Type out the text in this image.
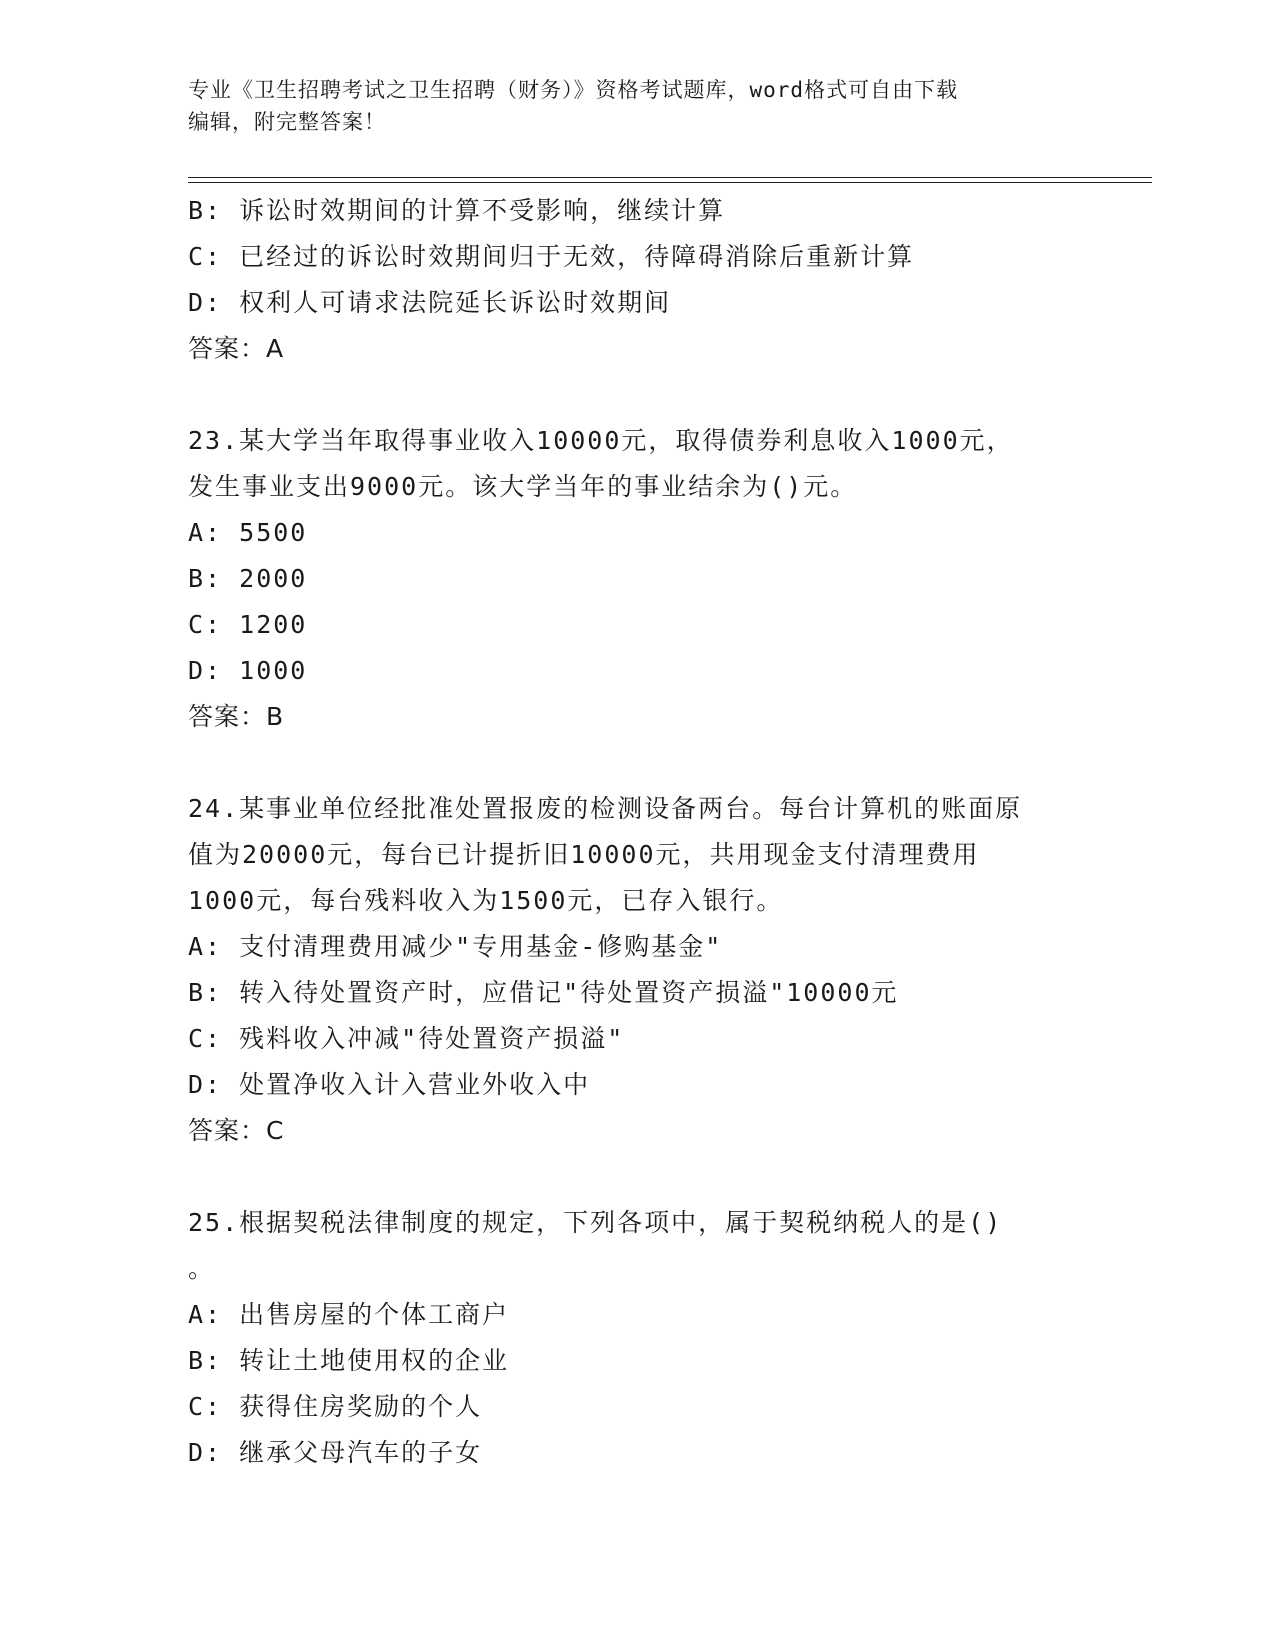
专业《卫生招聘考试之卫生招聘（财务）》资格考试题库，word格式可自由下载
编辑，附完整答案！
B: 诉讼时效期间的计算不受影响，继续计算
C: 已经过的诉讼时效期间归于无效，待障碍消除后重新计算
D: 权利人可请求法院延长诉讼时效期间
答案：A
23.某大学当年取得事业收入10000元，取得债券利息收入1000元，
发生事业支出9000元。该大学当年的事业结余为()元。
A: 5500
B: 2000
C: 1200
D: 1000
答案：B
24.某事业单位经批准处置报废的检测设备两台。每台计算机的账面原
值为20000元，每台已计提折旧10000元，共用现金支付清理费用
1000元，每台残料收入为1500元，已存入银行。
A: 支付清理费用减少"专用基金-修购基金"
B: 转入待处置资产时，应借记"待处置资产损溢"10000元
C: 残料收入冲减"待处置资产损溢"
D: 处置净收入计入营业外收入中
答案：C
25.根据契税法律制度的规定，下列各项中，属于契税纳税人的是()
。
A: 出售房屋的个体工商户
B: 转让土地使用权的企业
C: 获得住房奖励的个人
D: 继承父母汽车的子女
